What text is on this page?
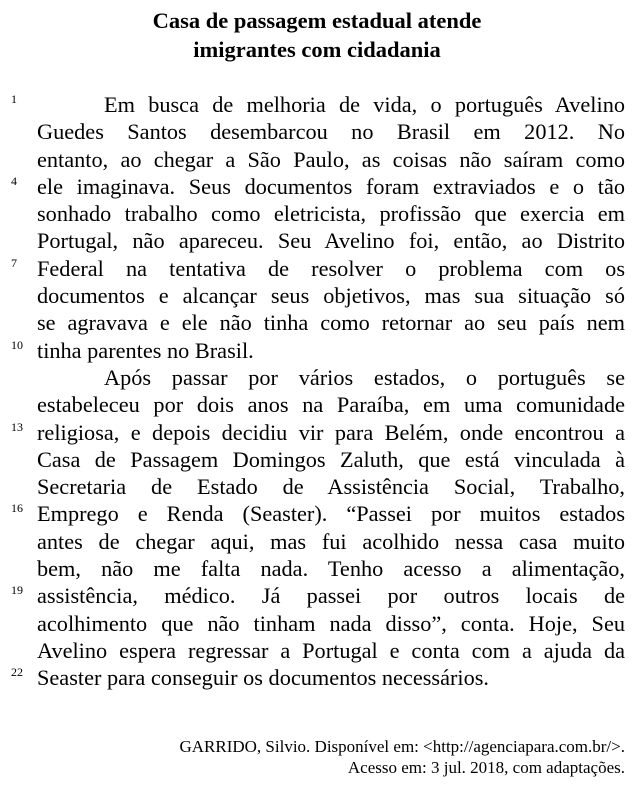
Casa de passagem estadual atende
imigrantes com cidadania
1	Em busca de melhoria de vida, o português Avelino
Guedes Santos desembarcou no Brasil em 2012. No
entanto, ao chegar a São Paulo, as coisas não saíram como
4 ele imaginava. Seus documentos foram extraviados e o tão
sonhado trabalho como eletricista, profissão que exercia em
Portugal, não apareceu. Seu Avelino foi, então, ao Distrito
7 Federal na tentativa de resolver o problema com os
documentos e alcançar seus objetivos, mas sua situação só
se agravava e ele não tinha como retornar ao seu país nem
10 tinha parentes no Brasil.
Após passar por vários estados, o português se
estabeleceu por dois anos na Paraíba, em uma comunidade
13 religiosa, e depois decidiu vir para Belém, onde encontrou a
Casa de Passagem Domingos Zaluth, que está vinculada à
Secretaria de Estado de Assistência Social, Trabalho,
16 Emprego e Renda (Seaster). “Passei por muitos estados
antes de chegar aqui, mas fui acolhido nessa casa muito
bem, não me falta nada. Tenho acesso a alimentação,
19 assistência, médico. Já passei por outros locais de
acolhimento que não tinham nada disso”, conta. Hoje, Seu
Avelino espera regressar a Portugal e conta com a ajuda da
22 Seaster para conseguir os documentos necessários.
GARRIDO, Silvio. Disponível em: <http://agenciapara.com.br/>.
Acesso em: 3 jul. 2018, com adaptações.
